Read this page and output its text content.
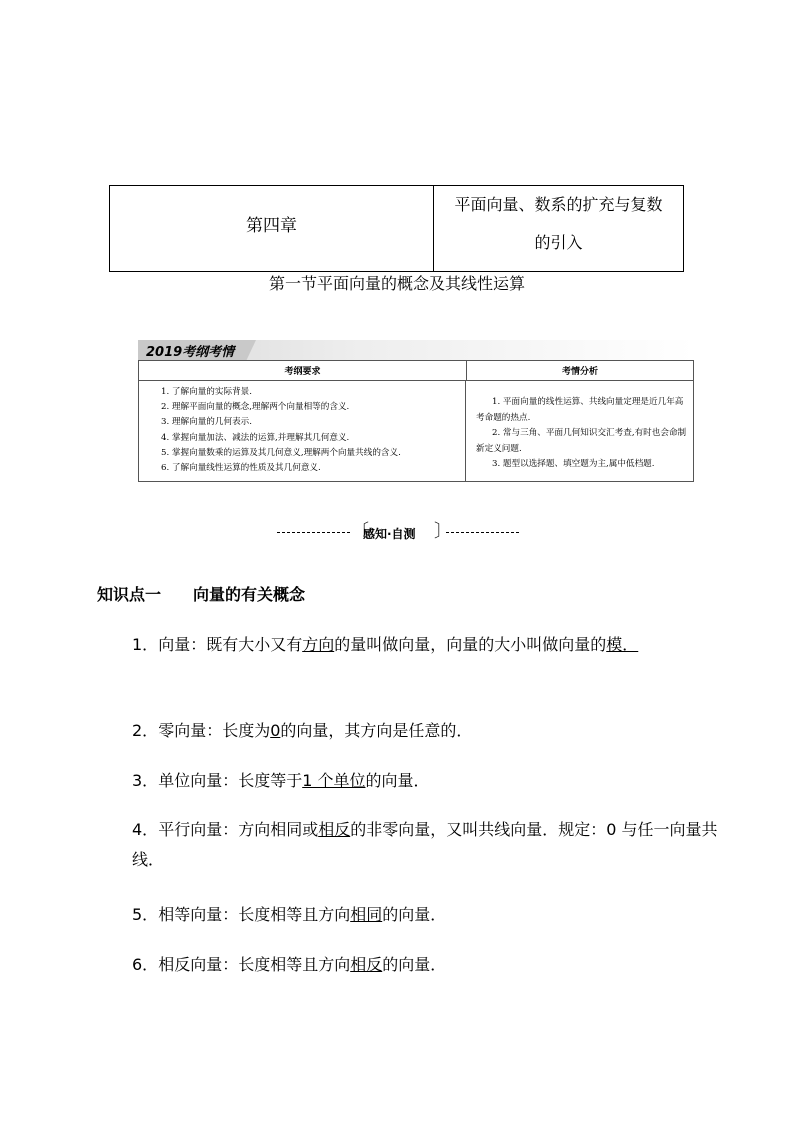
第四章
平面向量、数系的扩充与复数
的引入
第一节平面向量的概念及其线性运算
2019考纲考情
考纲要求	考情分析
1. 了解向量的实际背景.
2. 理解平面向量的概念,理解两个向量相等的含义.
3. 理解向量的几何表示.
4. 掌握向量加法、减法的运算,并理解其几何意义.
5. 掌握向量数乘的运算及其几何意义,理解两个向量共线的含义.
6. 了解向量线性运算的性质及其几何意义.

1. 平面向量的线性运算、共线向量定理是近几年高考命题的热点.

2. 常与三角、平面几何知识交汇考查,有时也会命制新定义问题.

3. 题型以选择题、填空题为主,属中低档题.

〔
感知·自测 〕
知识点一　　向量的有关概念
1．向量：既有大小又有方向的量叫做向量，向量的大小叫做向量的模．
2．零向量：长度为0的向量，其方向是任意的．
3．单位向量：长度等于1 个单位的向量．
4．平行向量：方向相同或相反的非零向量，又叫共线向量．规定：0 与任一向量共线．
5．相等向量：长度相等且方向相同的向量．
6．相反向量：长度相等且方向相反的向量．
